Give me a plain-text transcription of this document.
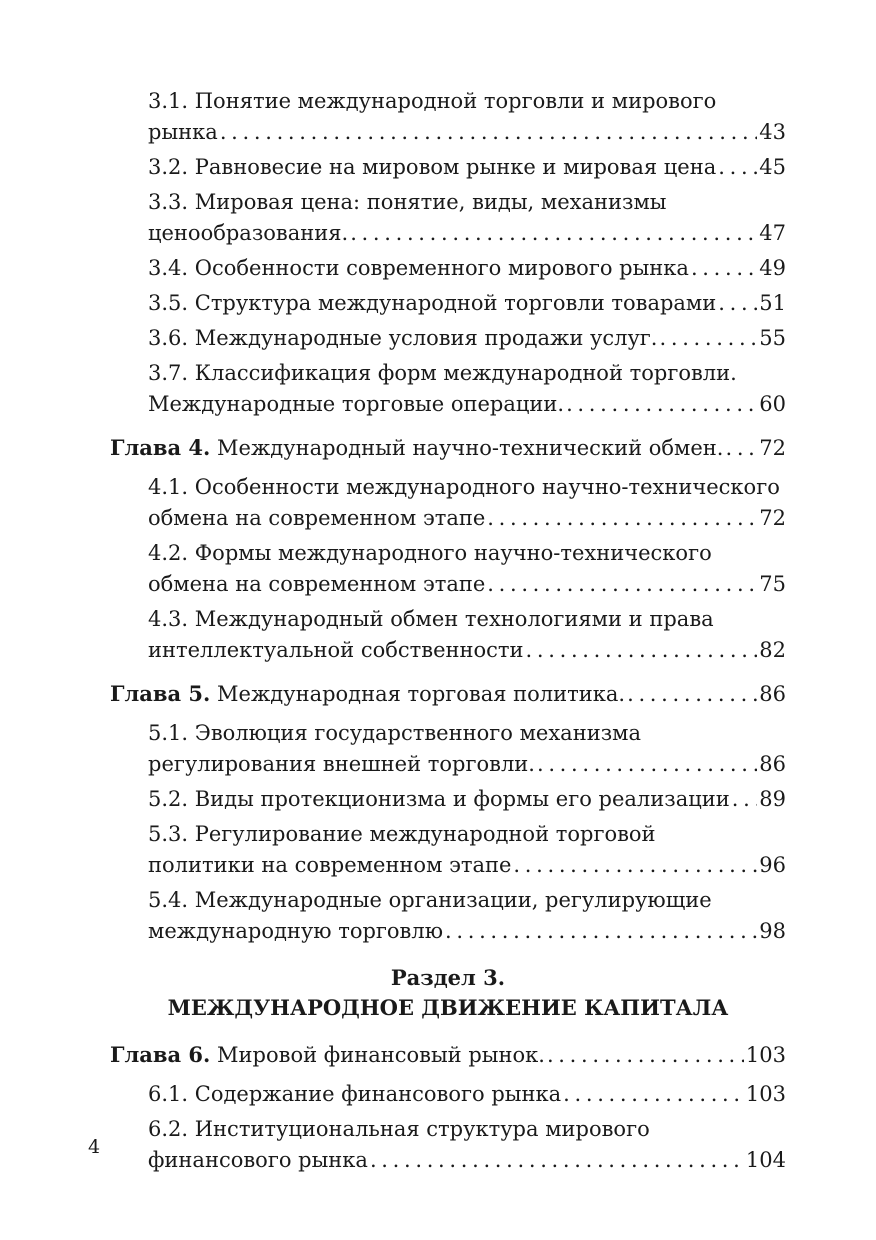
3.1. Понятие международной торговли и мирового
рынка . . .	43
3.2. Равновесие на мировом рынке и мировая цена . . . 45
3.3. Мировая цена: понятие, виды, механизмы
ценообразования. . . .	47
3.4. Особенности современного мирового рынка . . .	49
3.5. Структура международной торговли товарами . . . 51
3.6. Международные условия продажи услуг. . . .	55
3.7. Классификация форм международной торговли.
Международные торговые операции. . . .	60
Глава 4. Международный научно-технический обмен. . . . 72
4.1. Особенности международного научно-технического
обмена на современном этапе . . .	72
4.2. Формы международного научно-технического
обмена на современном этапе . . .	75
4.3. Международный обмен технологиями и права
интеллектуальной собственности . . .	82
Глава 5. Международная торговая политика. . . .	86
5.1. Эволюция государственного механизма
регулирования внешней торговли. . . .	86
5.2. Виды протекционизма и формы его реализации . . . 89
5.3. Регулирование международной торговой
политики на современном этапе . . .	96
5.4. Международные организации, регулирующие
международную торговлю . . .	98
Раздел 3.
МЕЖДУНАРОДНОЕ ДВИЖЕНИЕ КАПИТАЛА
Глава 6. Мировой финансовый рынок. . . .	103
6.1. Содержание финансового рынка . . .	103
6.2. Институциональная структура мирового
финансового рынка . . .	104
4
